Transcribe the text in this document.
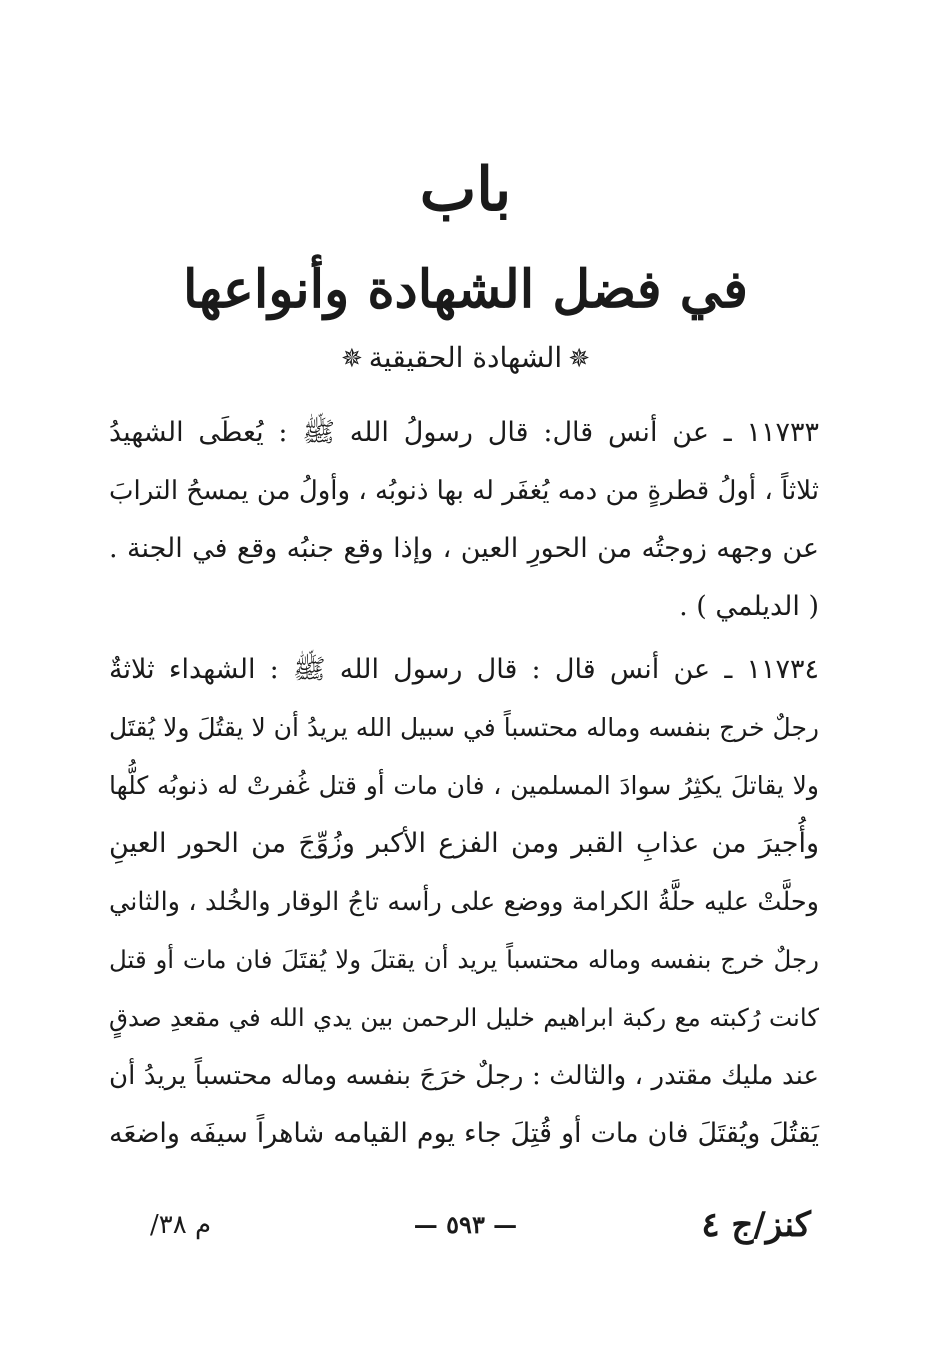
باب
في فضل الشهادة وأنواعها
✵الشهادة الحقيقية✵
١١٧٣٣ ـ عن أنس قال: قال رسولُ الله ﷺ : يُعطَى الشهيدُ
ثلاثاً ، أولُ قطرةٍ من دمه يُغفَر له بها ذنوبُه ، وأولُ من يمسحُ الترابَ
عن وجهه زوجتُه من الحورِ العين ، وإذا وقع جنبُه وقع في الجنة .
( الديلمي ) .
١١٧٣٤ ـ عن أنس قال : قال رسول الله ﷺ : الشهداء ثلاثةٌ
رجلٌ خرج بنفسه وماله محتسباً في سبيل الله يريدُ أن لا يقتُلَ ولا يُقتَل
ولا يقاتلَ يكثِرُ سوادَ المسلمين ، فان مات أو قتل غُفرتْ له ذنوبُه كلُّها
وأُجيرَ من عذابِ القبر ومن الفزع الأكبر وزُوِّجَ من الحور العينِ
وحلَّتْ عليه حلَّةُ الكرامة ووضع على رأسه تاجُ الوقار والخُلد ، والثاني
رجلٌ خرج بنفسه وماله محتسباً يريد أن يقتلَ ولا يُقتَلَ فان مات أو قتل
كانت رُكبته مع ركبة ابراهيم خليل الرحمن بين يدي الله في مقعدِ صدقٍ
عند مليك مقتدر ، والثالث : رجلٌ خرَجَ بنفسه وماله محتسباً يريدُ أن
يَقتُلَ ويُقتَلَ فان مات أو قُتِلَ جاء يوم القيامه شاهراً سيفَه واضعَه
كنز/ج ٤
— ٥٩٣ —
م ٣٨/
